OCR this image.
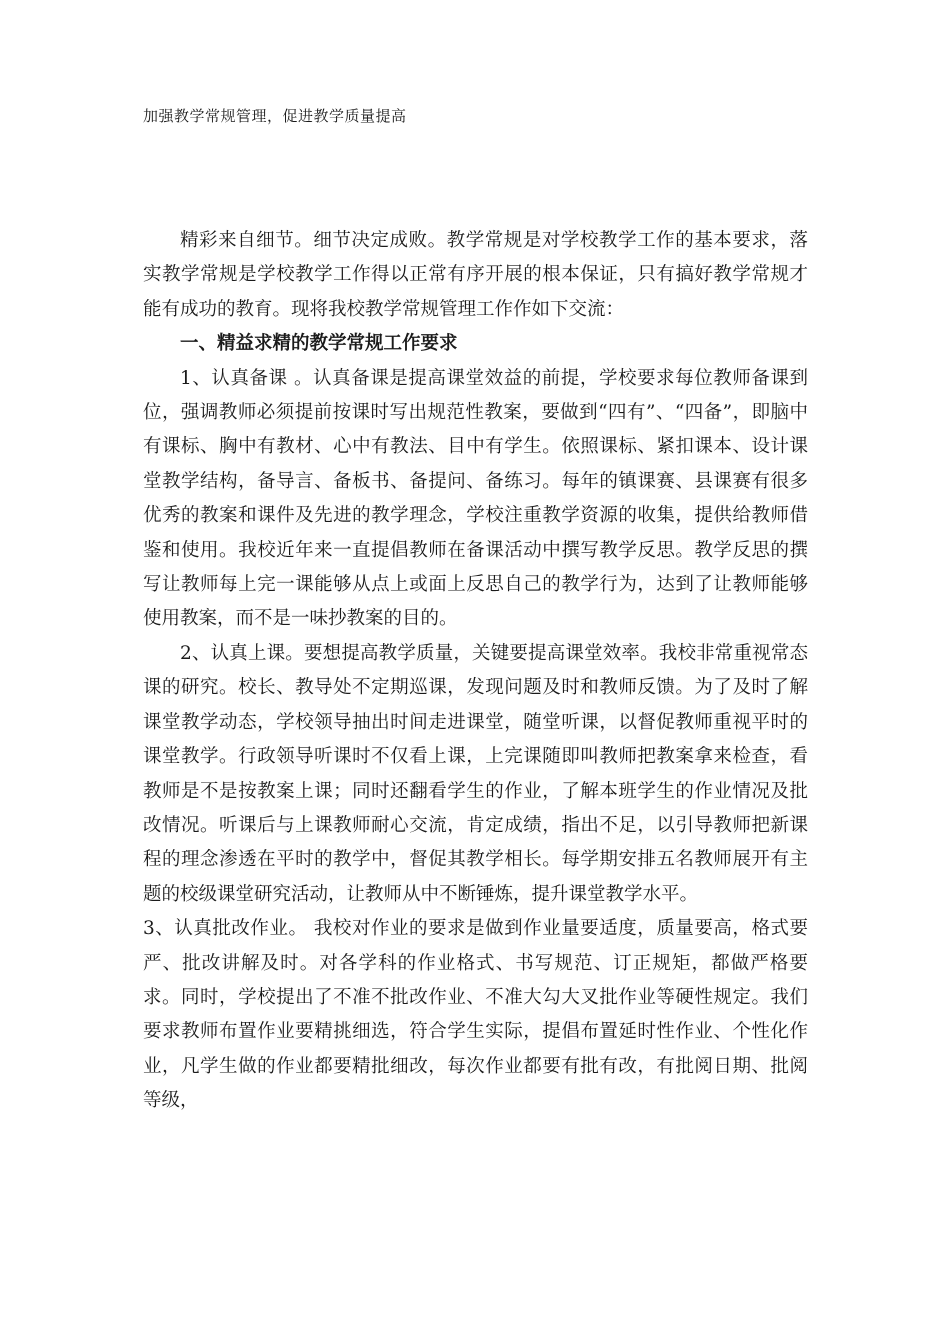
加强教学常规管理，促进教学质量提高

精彩来自细节。细节决定成败。教学常规是对学校教学工作的基本要求，落实教学常规是学校教学工作得以正常有序开展的根本保证，只有搞好教学常规才能有成功的教育。现将我校教学常规管理工作作如下交流：

一、精益求精的教学常规工作要求

1、认真备课 。认真备课是提高课堂效益的前提，学校要求每位教师备课到位，强调教师必须提前按课时写出规范性教案，要做到“四有”、“四备”，即脑中有课标、胸中有教材、心中有教法、目中有学生。依照课标、紧扣课本、设计课堂教学结构，备导言、备板书、备提问、备练习。每年的镇课赛、县课赛有很多优秀的教案和课件及先进的教学理念，学校注重教学资源的收集，提供给教师借鉴和使用。我校近年来一直提倡教师在备课活动中撰写教学反思。教学反思的撰写让教师每上完一课能够从点上或面上反思自己的教学行为，达到了让教师能够使用教案，而不是一味抄教案的目的。

2、认真上课。要想提高教学质量，关键要提高课堂效率。我校非常重视常态课的研究。校长、教导处不定期巡课，发现问题及时和教师反馈。为了及时了解课堂教学动态，学校领导抽出时间走进课堂，随堂听课，以督促教师重视平时的课堂教学。行政领导听课时不仅看上课，上完课随即叫教师把教案拿来检查，看教师是不是按教案上课；同时还翻看学生的作业，了解本班学生的作业情况及批改情况。听课后与上课教师耐心交流，肯定成绩，指出不足，以引导教师把新课程的理念渗透在平时的教学中，督促其教学相长。每学期安排五名教师展开有主题的校级课堂研究活动，让教师从中不断锤炼，提升课堂教学水平。

3、认真批改作业。 我校对作业的要求是做到作业量要适度，质量要高，格式要严、批改讲解及时。对各学科的作业格式、书写规范、订正规矩，都做严格要求。同时，学校提出了不准不批改作业、不准大勾大叉批作业等硬性规定。我们要求教师布置作业要精挑细选，符合学生实际，提倡布置延时性作业、个性化作业，凡学生做的作业都要精批细改，每次作业都要有批有改，有批阅日期、批阅等级，
